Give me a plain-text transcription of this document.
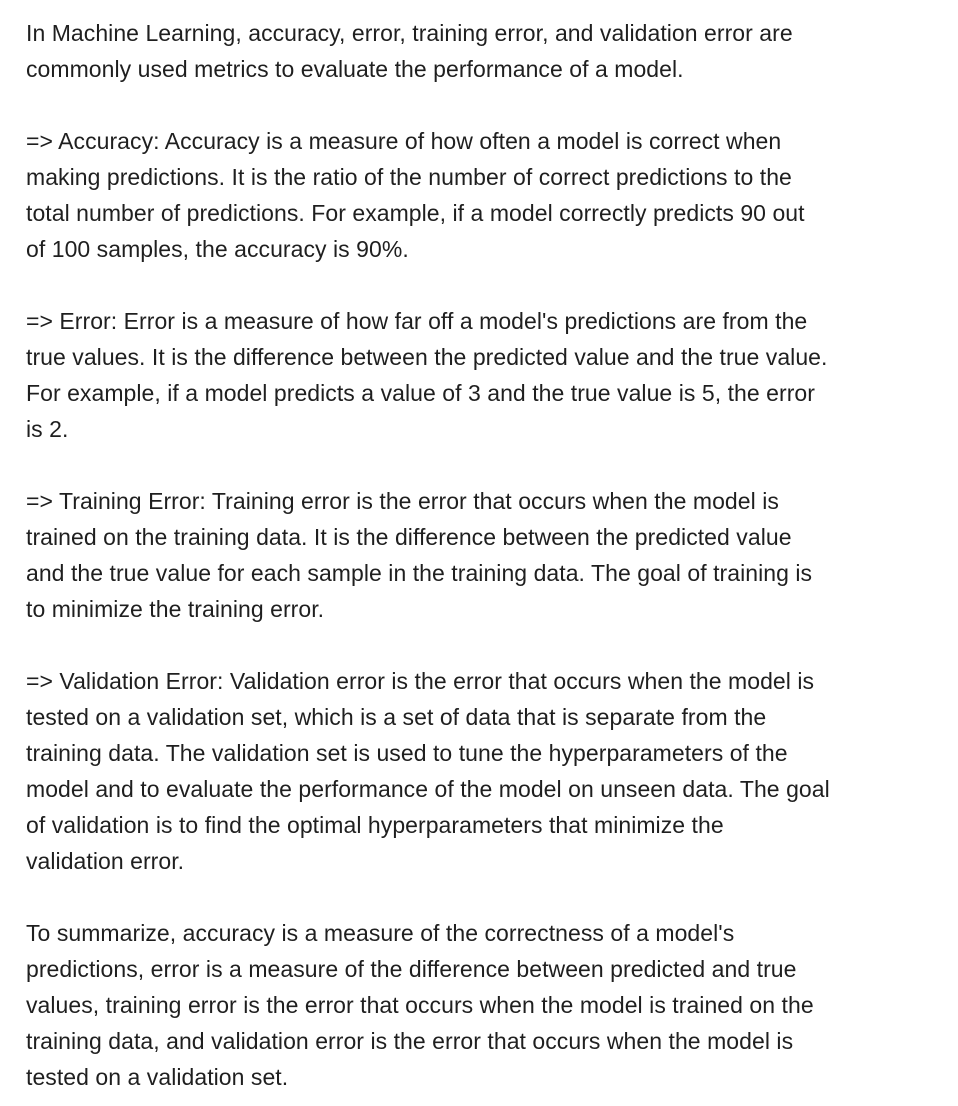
In Machine Learning, accuracy, error, training error, and validation error are
commonly used metrics to evaluate the performance of a model.

=> Accuracy: Accuracy is a measure of how often a model is correct when
making predictions. It is the ratio of the number of correct predictions to the
total number of predictions. For example, if a model correctly predicts 90 out
of 100 samples, the accuracy is 90%.

=> Error: Error is a measure of how far off a model's predictions are from the
true values. It is the difference between the predicted value and the true value.
For example, if a model predicts a value of 3 and the true value is 5, the error
is 2.

=> Training Error: Training error is the error that occurs when the model is
trained on the training data. It is the difference between the predicted value
and the true value for each sample in the training data. The goal of training is
to minimize the training error.

=> Validation Error: Validation error is the error that occurs when the model is
tested on a validation set, which is a set of data that is separate from the
training data. The validation set is used to tune the hyperparameters of the
model and to evaluate the performance of the model on unseen data. The goal
of validation is to find the optimal hyperparameters that minimize the
validation error.

To summarize, accuracy is a measure of the correctness of a model's
predictions, error is a measure of the difference between predicted and true
values, training error is the error that occurs when the model is trained on the
training data, and validation error is the error that occurs when the model is
tested on a validation set.
